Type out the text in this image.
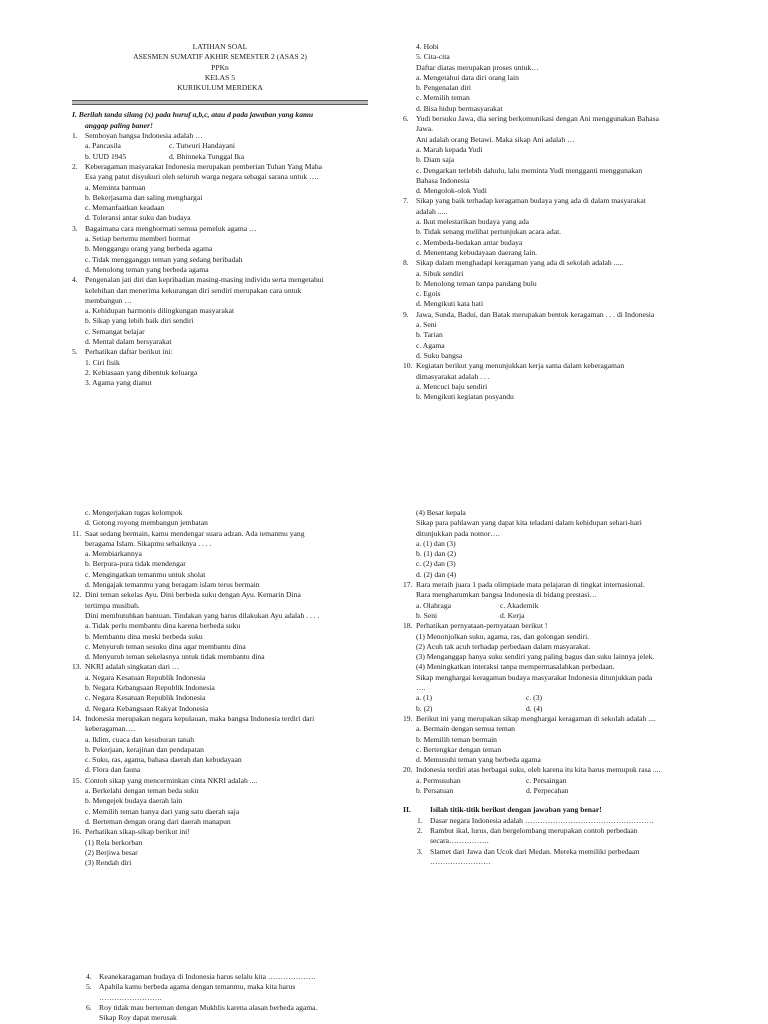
LATIHAN SOAL
ASESMEN SUMATIF AKHIR SEMESTER 2 (ASAS 2)
PPKn
KELAS 5
KURIKULUM MERDEKA
I. Berilah tanda silang (x) pada huruf a,b,c, atau d pada jawaban yang kamu
anggap paling baner!
1. Semboyan bangsa Indonesia adalah …
a. Pancasila	c. Tutwuri Handayani
b. UUD 1945	d. Bhinneka Tunggal Ika
2. Keberagaman masyarakat Indonesia merupakan pemberian Tuhan Yang Maha
Esa yang patut disyukuri oleh seluruh warga negara sebagai sarana untuk ….
a. Meminta bantuan
b. Bekerjasama dan saling menghargai
c. Memanfaatkan keadaan
d. Toleransi antar suku dan budaya
3. Bagaimana cara menghormati semua pemeluk agama …
a. Setiap bertemu memberi hormat
b. Menggangu orang yang berbeda agama
c. Tidak mengganggu teman yang sedang beribadah
d. Menolong teman yang berbeda agama
4. Pengenalan jati diri dan kepribadian masing-masing individu serta mengetahui
kelebihan dan menerima kekurangan diri sendiri merupakan cara untuk
membangun …
a. Kehidupan harmonis dilingkungan masyarakat
b. Sikap yang lebih baik diri sendiri
c. Semangat belajar
d. Mental dalam bersyarakat
5. Perhatikan daftar berikut ini:
1. Ciri fisik
2. Kebiasaan yang dibentuk keluarga
3. Agama yang dianut
4. Hobi
5. Cita-cita
Daftar diatas merupakan proses untuk…
a. Mengetahui data diri orang lain
b. Pengenalan diri
c. Memilih teman
d. Bisa hidup bermasyarakat
6. Yudi bersuku Jawa, dia sering berkomunikasi dengan Ani menggunakan Bahasa
Jawa.
Ani adalah orang Betawi. Maka sikap Ani adalah …
a. Marah kepada Yudi
b. Diam saja
c. Dengarkan terlebih dahulu, lalu meminta Yudi mengganti menggunakan
Bahasa Indonesia
d. Mengolok-olok Yudi
7. Sikap yang baik terhadap keragaman budaya yang ada di dalam masyarakat
adalah .....
a. Ikut melestarikan budaya yang ada
b. Tidak senang melihat pertunjukan acara adat.
c. Membeda-bedakan antar budaya
d. Menentang kebudayaan daerang lain.
8. Sikap dalam menghadapi keragaman yang ada di sekolah adalah .....
a. Sibuk sendiri
b. Menolong teman tanpa pandang bulu
c. Egois
d. Mengikuti kata hati
9. Jawa, Sunda, Badui, dan Batak merupakan bentuk keragaman . . . di Indonesia
a. Seni
b. Tarian
c. Agama
d. Suku bangsa
10. Kegiatan berikut yang menunjukkan kerja sama dalam keberagaman
dimasyarakat adalah . . .
a. Mencuci baju sendiri
b. Mengikuti kegiatan posyandu
c. Mengerjakan tugas kelompok
d. Gotong royong membangun jembatan
11. Saat sedang bermain, kamu mendengar suara adzan. Ada temanmu yang
beragama Islam. Sikapmu sebaiknya . . . .
a. Membiarkannya
b. Berpura-pura tidak mendengar
c. Mengingatkan temanmu untuk sholat
d. Mengajak temanmu yang beragam islam terus bermain
12. Dini teman sekelas Ayu. Dini berbeda suku dengan Ayu. Kemarin Dina
tertimpa musibah.
Dini membutuhkan bantuan. Tindakan yang harus dilakukan Ayu adalah . . . .
a. Tidak perlu membantu dina karena berbeda suku
b. Membantu dina meski berbeda suku
c. Menyuruh teman sesuku dina agar membantu dina
d. Menyuruh teman sekelasnya untuk tidak membantu dina
13. NKRI adalah singkatan dari …
a. Negara Kesatuan Republik Indonesia
b. Negara Kebangsaan Republik Indonesia
c. Negara Kesatuan Republik Indonesia
d. Negara Kebangsaan Rakyat Indonesia
14. Indonesia merupakan negara kepulauan, maka bangsa Indonesia terdiri dari
keberagaman….
a. Iklim, cuaca dan kesuburan tanah
b. Pekerjaan, kerajinan dan pendapatan
c. Suku, ras, agama, bahasa daerah dan kebudayaan
d. Flora dan fauna
15. Contoh sikap yang mencerminkan cinta NKRI adalah ....
a. Berkelahi dengan teman beda suku
b. Mengejek budaya daerah lain
c. Memilih teman hanya dari yang satu daerah saja
d. Berteman dengan orang dari daerah manapun
16. Perhatikan sikap-sikap berikut ini!
(1) Rela berkorban
(2) Berjiwa besar
(3) Rendah diri
(4) Besar kepala
Sikap para pahlawan yang dapat kita teladani dalam kehidupan sehari-hari
ditunjukkan pada nomor….
a. (1) dan (3)
b. (1) dan (2)
c. (2) dan (3)
d. (2) dan (4)
17. Rara meraih juara 1 pada olimpiade mata pelajaran di tingkat internasional.
Rara mengharumkan bangsa Indonesia di bidang prestasi…
a. Olahraga	c. Akademik
b. Seni	d. Kerja
18. Perhatikan pernyataan-pernyataan berikut !
(1) Menonjolkan suku, agama, ras, dan golongan sendiri.
(2) Acuh tak acuh terhadap perbedaan dalam masyarakat.
(3) Menganggap hanya suku sendiri yang paling bagus dan suku lainnya jelek.
(4) Meningkatkan interaksi tanpa mempermasalahkan perbedaan.
Sikap menghargai keragaman budaya masyarakat Indonesia ditunjukkan pada
….
a. (1)	c. (3)
b. (2)	d. (4)
19. Berikut ini yang merupakan sikap menghargai keragaman di sekolah adalah ....
a. Bermain dengan semua teman
b. Memilih teman bermain
c. Bertengkar dengan teman
d. Memusuhi teman yang berbeda agama
20. Indonesia terdiri atas berbagai suku, oleh karena itu kita harus memupuk rasa ....
a. Permusuhan	c. Persaingan
b. Persatuan	d. Perpecahan
II.	Isilah titik-titik berikut dengan jawaban yang benar!
1. Dasar negara Indonesia adalah ……………………………………………
2. Rambut ikal, lurus, dan bergelombang merupakan contoh perbedaan
secara…………….
3. Slamet dari Jawa dan Ucok dari Medan. Mereka memiliki perbedaan
……………………
4. Keanekaragaman budaya di Indonesia harus selalu kita ……………….
5. Apabila kamu berbeda agama dengan temanmu, maka kita harus
…………………….
6. Roy tidak mau berteman dengan Mukhlis karena alasan berbeda agama.
Sikap Roy dapat merusak
